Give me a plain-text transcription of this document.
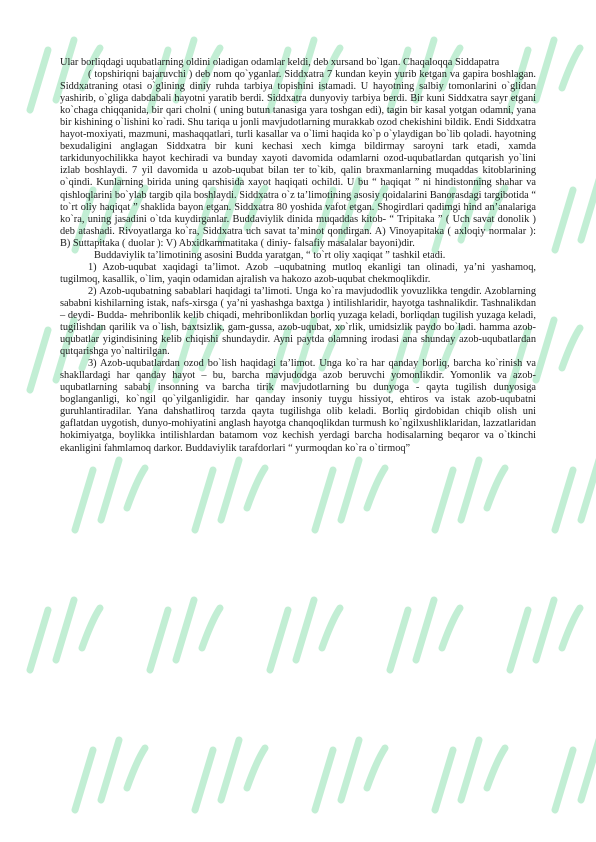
Ular borliqdagi uqubatlarning oldini oladigan odamlar keldi, deb xursand bo`lgan. Chaqaloqqa Siddapatra

( topshiriqni bajaruvchi ) deb nom qo`yganlar. Siddxatra 7 kundan keyin yurib ketgan va gapira boshlagan. Siddxatraning otasi o`glining diniy ruhda tarbiya topishini istamadi. U hayotning salbiy tomonlarini o`glidan yashirib, o`gliga dabdabali hayotni yaratib berdi. Siddxatra dunyoviy tarbiya berdi. Bir kuni Siddxatra sayr etgani ko`chaga chiqqanida, bir qari cholni ( uning butun tanasiga yara toshgan edi), tagin bir kasal yotgan odamni, yana bir kishining o`lishini ko`radi. Shu tariqa u jonli mavjudotlarning murakkab ozod chekishini bildik. Endi Siddxatra hayot-moxiyati, mazmuni, mashaqqatlari, turli kasallar va o`limi haqida ko`p o`ylaydigan bo`lib qoladi. hayotning bexudaligini anglagan Siddxatra bir kuni kechasi xech kimga bildirmay saroyni tark etadi, xamda tarkidunyochilikka hayot kechiradi va bunday xayoti davomida odamlarni ozod-uqubatlardan qutqarish yo`lini izlab boshlaydi. 7 yil davomida u azob-uqubat bilan ter to`kib, qalin braxmanlarning muqaddas kitoblarining o`qindi. Kunlarning birida uning qarshisida xayot haqiqati ochildi. U bu “ haqiqat ” ni hindistonning shahar va qishloqlarini bo`ylab targib qila boshlaydi. Siddxatra o`z ta’limotining asosiy qoidalarini Banorasdagi targibotida “ to`rt oliy haqiqat ” shaklida bayon etgan. Siddxatra 80 yoshida vafot etgan. Shogirdlari qadimgi hind an’analariga ko`ra, uning jasadini o`tda kuydirganlar. Buddaviylik dinida muqaddas kitob- “ Tripitaka ” ( Uch savat donolik ) deb atashadi. Rivoyatlarga ko`ra, Siddxatra uch savat ta’minot qondirgan. A) Vinoyapitaka ( axloqiy normalar ): B) Suttapitaka ( duolar ): V) Abxidkammatitaka ( diniy- falsafiy masalalar bayoni)dir.

Buddaviylik ta’limotining asosini Budda yaratgan, “ to`rt oliy xaqiqat ” tashkil etadi.

1) Azob-uqubat xaqidagi ta’limot. Azob –uqubatning mutloq ekanligi tan olinadi, ya’ni yashamoq, tugilmoq, kasallik, o`lim, yaqin odamidan ajralish va hakozo azob-uqubat chekmoqlikdir.

2) Azob-uqubatning sabablari haqidagi ta’limoti. Unga ko`ra mavjudodlik yovuzlikka tengdir. Azoblarning sababni kishilarning istak, nafs-xirsga ( ya’ni yashashga baxtga ) intilishlaridir, hayotga tashnalikdir. Tashnalikdan – deydi- Budda- mehribonlik kelib chiqadi, mehribonlikdan borliq yuzaga keladi, borliqdan tugilish yuzaga keladi, tugilishdan qarilik va o`lish, baxtsizlik, gam-gussa, azob-uqubat, xo`rlik, umidsizlik paydo bo`ladi. hamma azob-uqubatlar yigindisining kelib chiqishi shundaydir. Ayni paytda olamning irodasi ana shunday azob-uqubatlardan qutqarishga yo`naltirilgan.

3) Azob-uqubatlardan ozod bo`lish haqidagi ta’limot. Unga ko`ra har qanday borliq, barcha ko`rinish va shakllardagi har qanday hayot – bu, barcha mavjudodga azob beruvchi yomonlikdir. Yomonlik va azob-uqubatlarning sababi insonning va barcha tirik mavjudotlarning bu dunyoga - qayta tugilish dunyosiga boglanganligi, ko`ngil qo`yilganligidir. har qanday insoniy tuygu hissiyot, ehtiros va istak azob-uqubatni guruhlantiradilar. Yana dahshatliroq tarzda qayta tugilishga olib keladi. Borliq girdobidan chiqib olish uni gaflatdan uygotish, dunyo-mohiyatini anglash hayotga chanqoqlikdan turmush ko`ngilxushliklaridan, lazzatlaridan hokimiyatga, boylikka intilishlardan batamom voz kechish yerdagi barcha hodisalarning beqaror va o`tkinchi ekanligini fahmlamoq darkor. Buddaviylik tarafdorlari “ yurmoqdan ko`ra o`tirmoq”
